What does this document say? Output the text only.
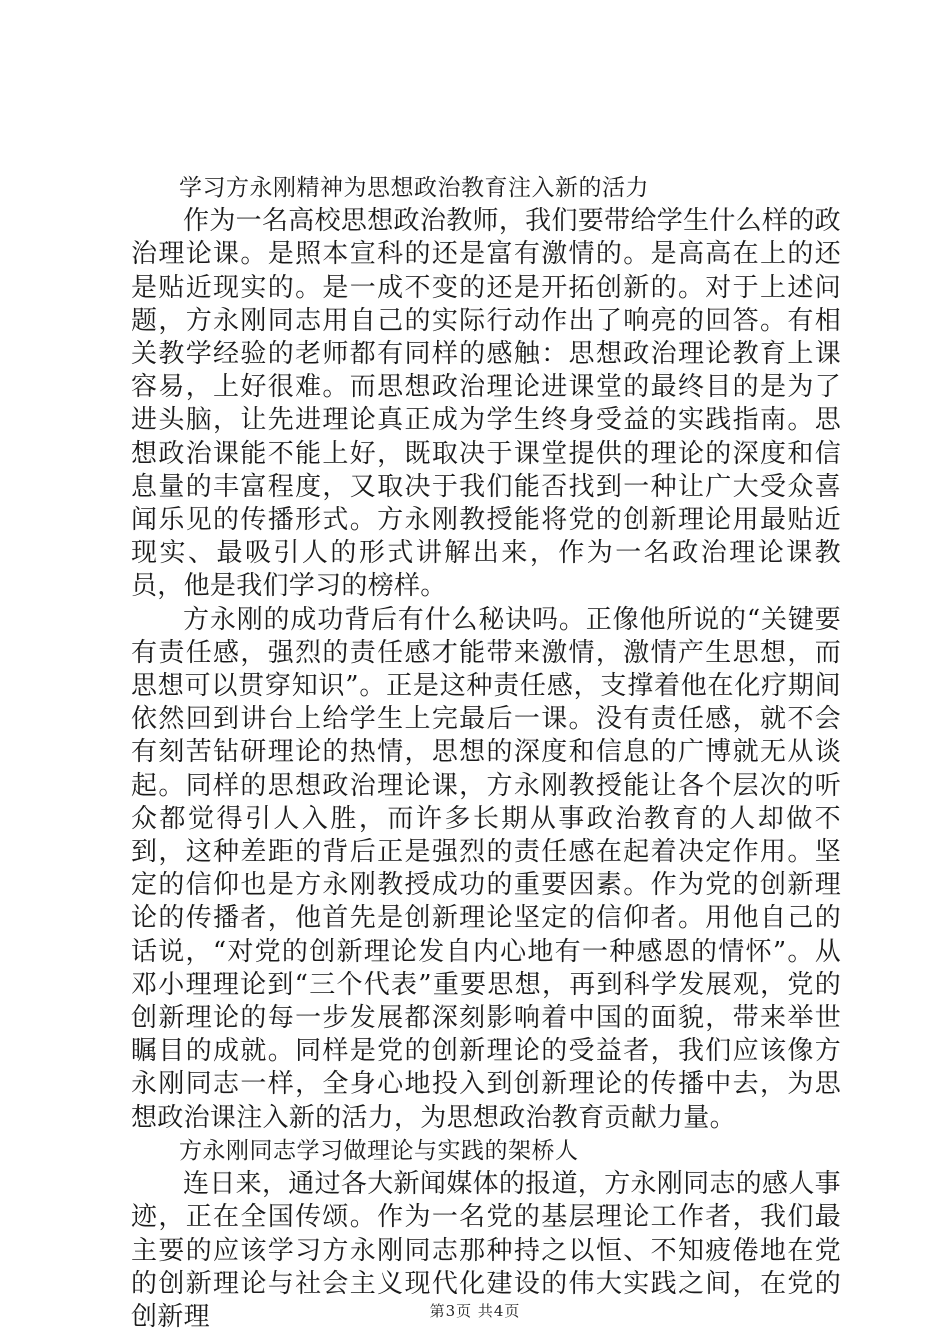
学习方永刚精神为思想政治教育注入新的活力

作为一名高校思想政治教师，我们要带给学生什么样的政治理论课。是照本宣科的还是富有激情的。是高高在上的还是贴近现实的。是一成不变的还是开拓创新的。对于上述问题，方永刚同志用自己的实际行动作出了响亮的回答。有相关教学经验的老师都有同样的感触：思想政治理论教育上课容易，上好很难。而思想政治理论进课堂的最终目的是为了进头脑，让先进理论真正成为学生终身受益的实践指南。思想政治课能不能上好，既取决于课堂提供的理论的深度和信息量的丰富程度，又取决于我们能否找到一种让广大受众喜闻乐见的传播形式。方永刚教授能将党的创新理论用最贴近现实、最吸引人的形式讲解出来，作为一名政治理论课教员，他是我们学习的榜样。

方永刚的成功背后有什么秘诀吗。正像他所说的“关键要有责任感，强烈的责任感才能带来激情，激情产生思想，而思想可以贯穿知识”。正是这种责任感，支撑着他在化疗期间依然回到讲台上给学生上完最后一课。没有责任感，就不会有刻苦钻研理论的热情，思想的深度和信息的广博就无从谈起。同样的思想政治理论课，方永刚教授能让各个层次的听众都觉得引人入胜，而许多长期从事政治教育的人却做不到，这种差距的背后正是强烈的责任感在起着决定作用。坚定的信仰也是方永刚教授成功的重要因素。作为党的创新理论的传播者，他首先是创新理论坚定的信仰者。用他自己的话说，“对党的创新理论发自内心地有一种感恩的情怀”。从邓小理理论到“三个代表”重要思想，再到科学发展观，党的创新理论的每一步发展都深刻影响着中国的面貌，带来举世瞩目的成就。同样是党的创新理论的受益者，我们应该像方永刚同志一样，全身心地投入到创新理论的传播中去，为思想政治课注入新的活力，为思想政治教育贡献力量。

方永刚同志学习做理论与实践的架桥人

连日来，通过各大新闻媒体的报道，方永刚同志的感人事迹，正在全国传颂。作为一名党的基层理论工作者，我们最主要的应该学习方永刚同志那种持之以恒、不知疲倦地在党的创新理论与社会主义现代化建设的伟大实践之间，在党的创新理	第3页 共4页
